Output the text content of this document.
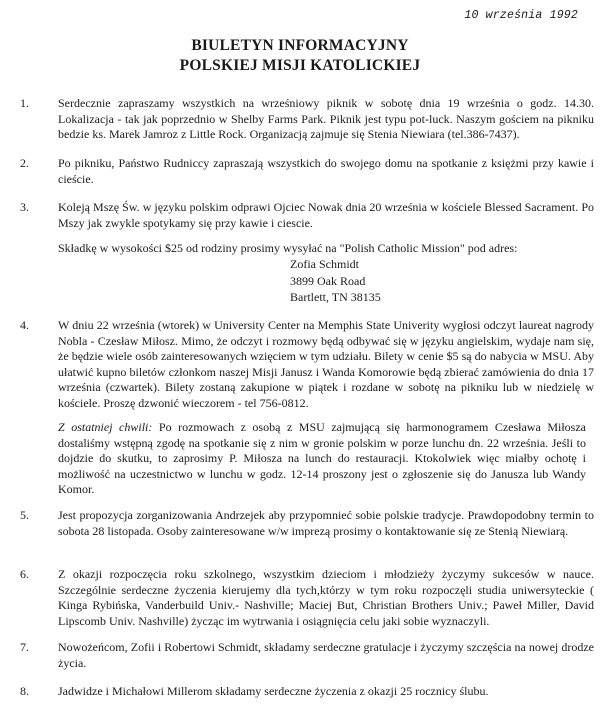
10 września 1992
BIULETYN INFORMACYJNY
POLSKIEJ MISJI KATOLICKIEJ
1. Serdecznie zapraszamy wszystkich na wrześniowy piknik w sobotę dnia 19 września o godz. 14.30. Lokalizacja - tak jak poprzednio w Shelby Farms Park. Piknik jest typu pot-luck. Naszym gościem na pikniku bedzie ks. Marek Jamroz z Little Rock. Organizacją zajmuje się Stenia Niewiara (tel.386-7437).
2. Po pikniku, Państwo Rudniccy zapraszają wszystkich do swojego domu na spotkanie z księżmi przy kawie i cieście.
3. Koleją Mszę Św. w języku polskim odprawi Ojciec Nowak dnia 20 września w kościele Blessed Sacrament. Po Mszy jak zwykle spotykamy się przy kawie i ciescie.
Składkę w wysokości $25 od rodziny prosimy wysyłać na "Polish Catholic Mission" pod adres:
Zofia Schmidt
3899 Oak Road
Bartlett, TN 38135
4. W dniu 22 września (wtorek) w University Center na Memphis State Univerity wygłosi odczyt laureat nagrody Nobla - Czesław Miłosz. Mimo, że odczyt i rozmowy będą odbywać się w języku angielskim, wydaje nam się, że będzie wiele osób zainteresowanych wzięciem w tym udziału. Bilety w cenie $5 są do nabycia w MSU. Aby ułatwić kupno biletów członkom naszej Misji Janusz i Wanda Komorowie będą zbierać zamówienia do dnia 17 września (czwartek). Bilety zostaną zakupione w piątek i rozdane w sobotę na pikniku lub w niedzielę w kościele. Proszę dzwonić wieczorem - tel 756-0812.
Z ostatniej chwili: Po rozmowach z osobą z MSU zajmującą się harmonogramem Czesława Miłosza dostaliśmy wstępną zgodę na spotkanie się z nim w gronie polskim w porze lunchu dn. 22 września. Jeśli to dojdzie do skutku, to zaprosimy P. Miłosza na lunch do restauracji. Ktokolwiek więc miałby ochotę i możliwość na uczestnictwo w lunchu w godz. 12-14 proszony jest o zgłoszenie się do Janusza lub Wandy Komor.
5. Jest propozycja zorganizowania Andrzejek aby przypomnieć sobie polskie tradycje. Prawdopodobny termin to sobota 28 listopada. Osoby zainteresowane w/w imprezą prosimy o kontaktowanie się ze Stenią Niewiarą.
6. Z okazji rozpoczęcia roku szkolnego, wszystkim dzieciom i młodzieży życzymy sukcesów w nauce. Szczególnie serdeczne życzenia kierujemy dla tych,którzy w tym roku rozpoczęli studia uniwersyteckie ( Kinga Rybińska, Vanderbuild Univ.- Nashville; Maciej But, Christian Brothers Univ.; Paweł Miller, David Lipscomb Univ. Nashville) życząc im wytrwania i osiągnięcia celu jaki sobie wyznaczyli.
7. Nowożeńcom, Zofii i Robertowi Schmidt, składamy serdeczne gratulacje i życzymy szczęścia na nowej drodze życia.
8. Jadwidze i Michałowi Millerom składamy serdeczne życzenia z okazji 25 rocznicy ślubu.
